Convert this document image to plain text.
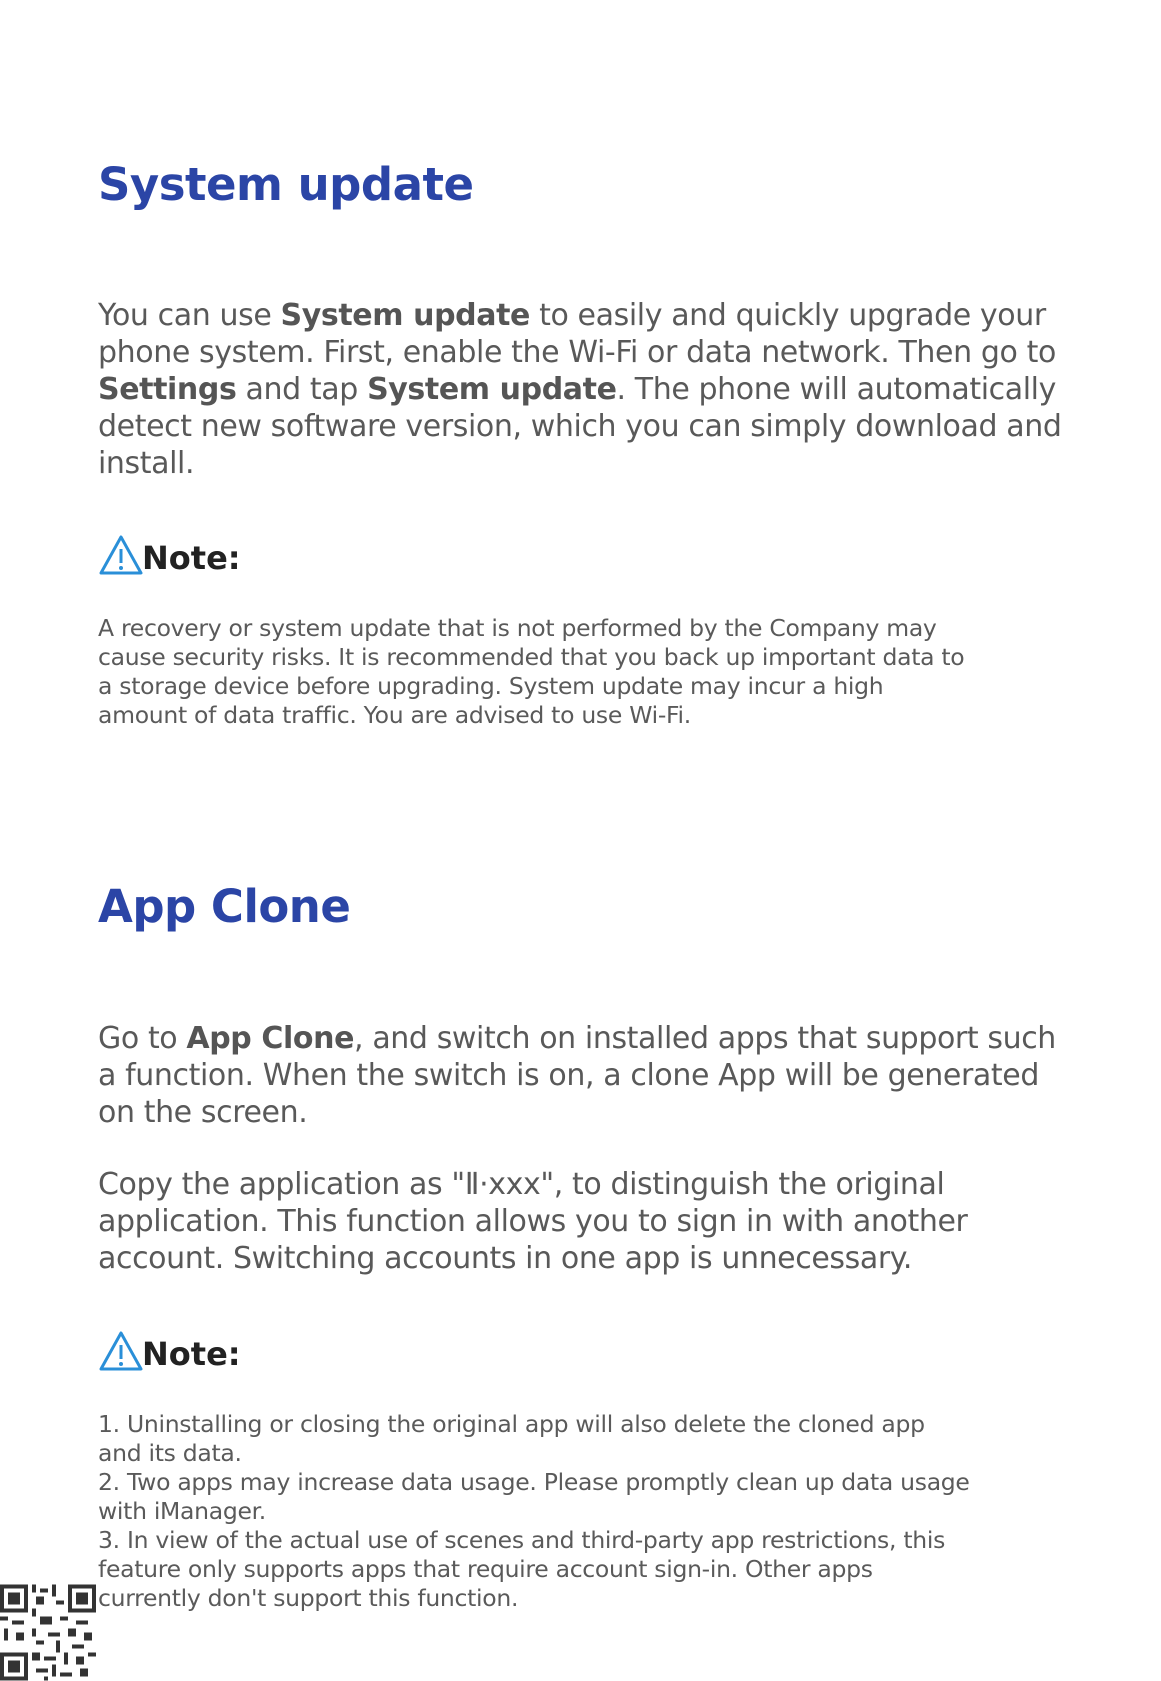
System update
You can use System update to easily and quickly upgrade your phone system. First, enable the Wi-Fi or data network. Then go to Settings and tap System update. The phone will automatically detect new software version, which you can simply download and install.
Note:
A recovery or system update that is not performed by the Company may
cause security risks. It is recommended that you back up important data to
a storage device before upgrading. System update may incur a high
amount of data traffic. You are advised to use Wi-Fi.
App Clone
Go to App Clone, and switch on installed apps that support such a function. When the switch is on, a clone App will be generated on the screen.
Copy the application as "Ⅱ·xxx", to distinguish the original application. This function allows you to sign in with another account. Switching accounts in one app is unnecessary.
Note:
1. Uninstalling or closing the original app will also delete the cloned app
and its data.
2. Two apps may increase data usage. Please promptly clean up data usage
with iManager.
3. In view of the actual use of scenes and third-party app restrictions, this
feature only supports apps that require account sign-in. Other apps
currently don't support this function.
